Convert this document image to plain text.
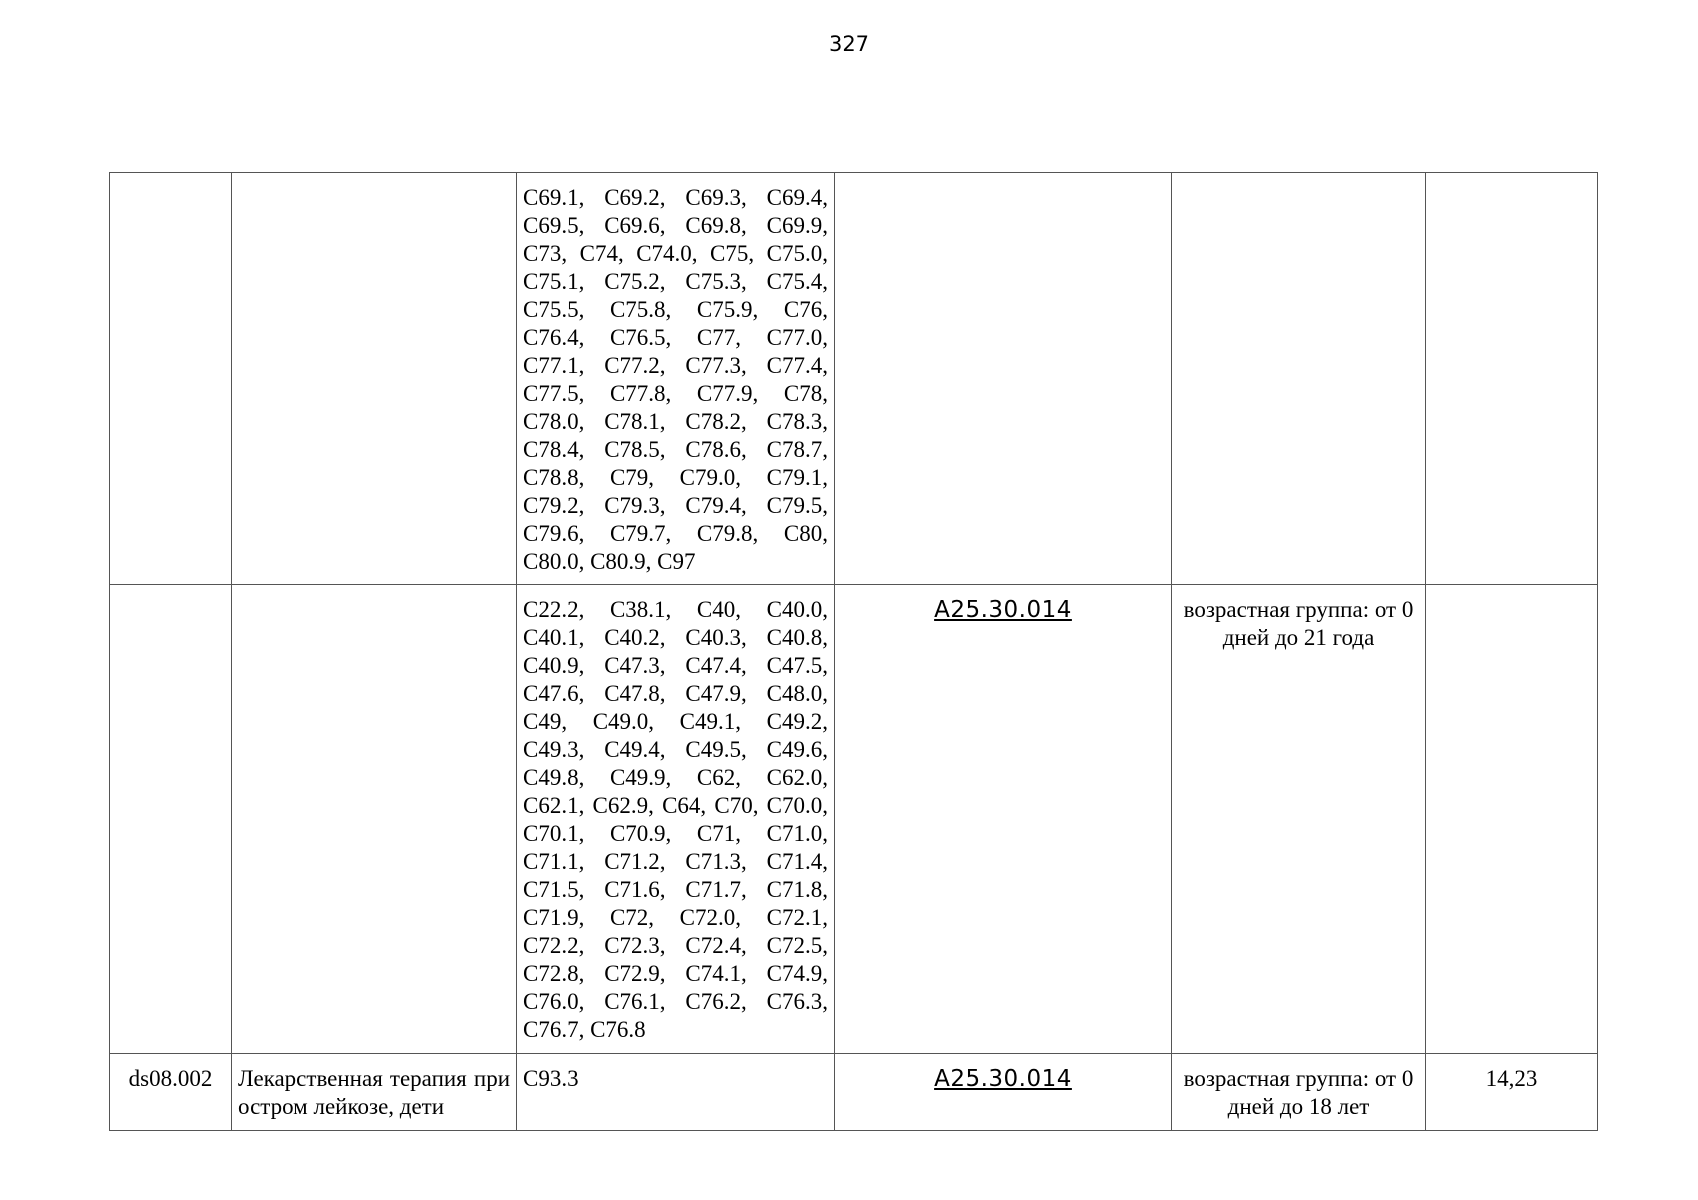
327
		C69.1, C69.2, C69.3, C69.4, C69.5, C69.6, C69.8, C69.9, C73, C74, C74.0, C75, C75.0, C75.1, C75.2, C75.3, C75.4, C75.5, C75.8, C75.9, C76, C76.4, C76.5, C77, C77.0, C77.1, C77.2, C77.3, C77.4, C77.5, C77.8, C77.9, C78, C78.0, C78.1, C78.2, C78.3, C78.4, C78.5, C78.6, C78.7, C78.8, C79, C79.0, C79.1, C79.2, C79.3, C79.4, C79.5, C79.6, C79.7, C79.8, C80, C80.0, C80.9, C97			
		C22.2, C38.1, C40, C40.0, C40.1, C40.2, C40.3, C40.8, C40.9, C47.3, C47.4, C47.5, C47.6, C47.8, C47.9, C48.0, C49, C49.0, C49.1, C49.2, C49.3, C49.4, C49.5, C49.6, C49.8, C49.9, C62, C62.0, C62.1, C62.9, C64, C70, C70.0, C70.1, C70.9, C71, C71.0, C71.1, C71.2, C71.3, C71.4, C71.5, C71.6, C71.7, C71.8, C71.9, C72, C72.0, C72.1, C72.2, C72.3, C72.4, C72.5, C72.8, C72.9, C74.1, C74.9, C76.0, C76.1, C76.2, C76.3, C76.7, C76.8	A25.30.014	возрастная группа: от 0 дней до 21 года	
ds08.002	Лекарственная терапия при остром лейкозе, дети	C93.3	A25.30.014	возрастная группа: от 0 дней до 18 лет	14,23
